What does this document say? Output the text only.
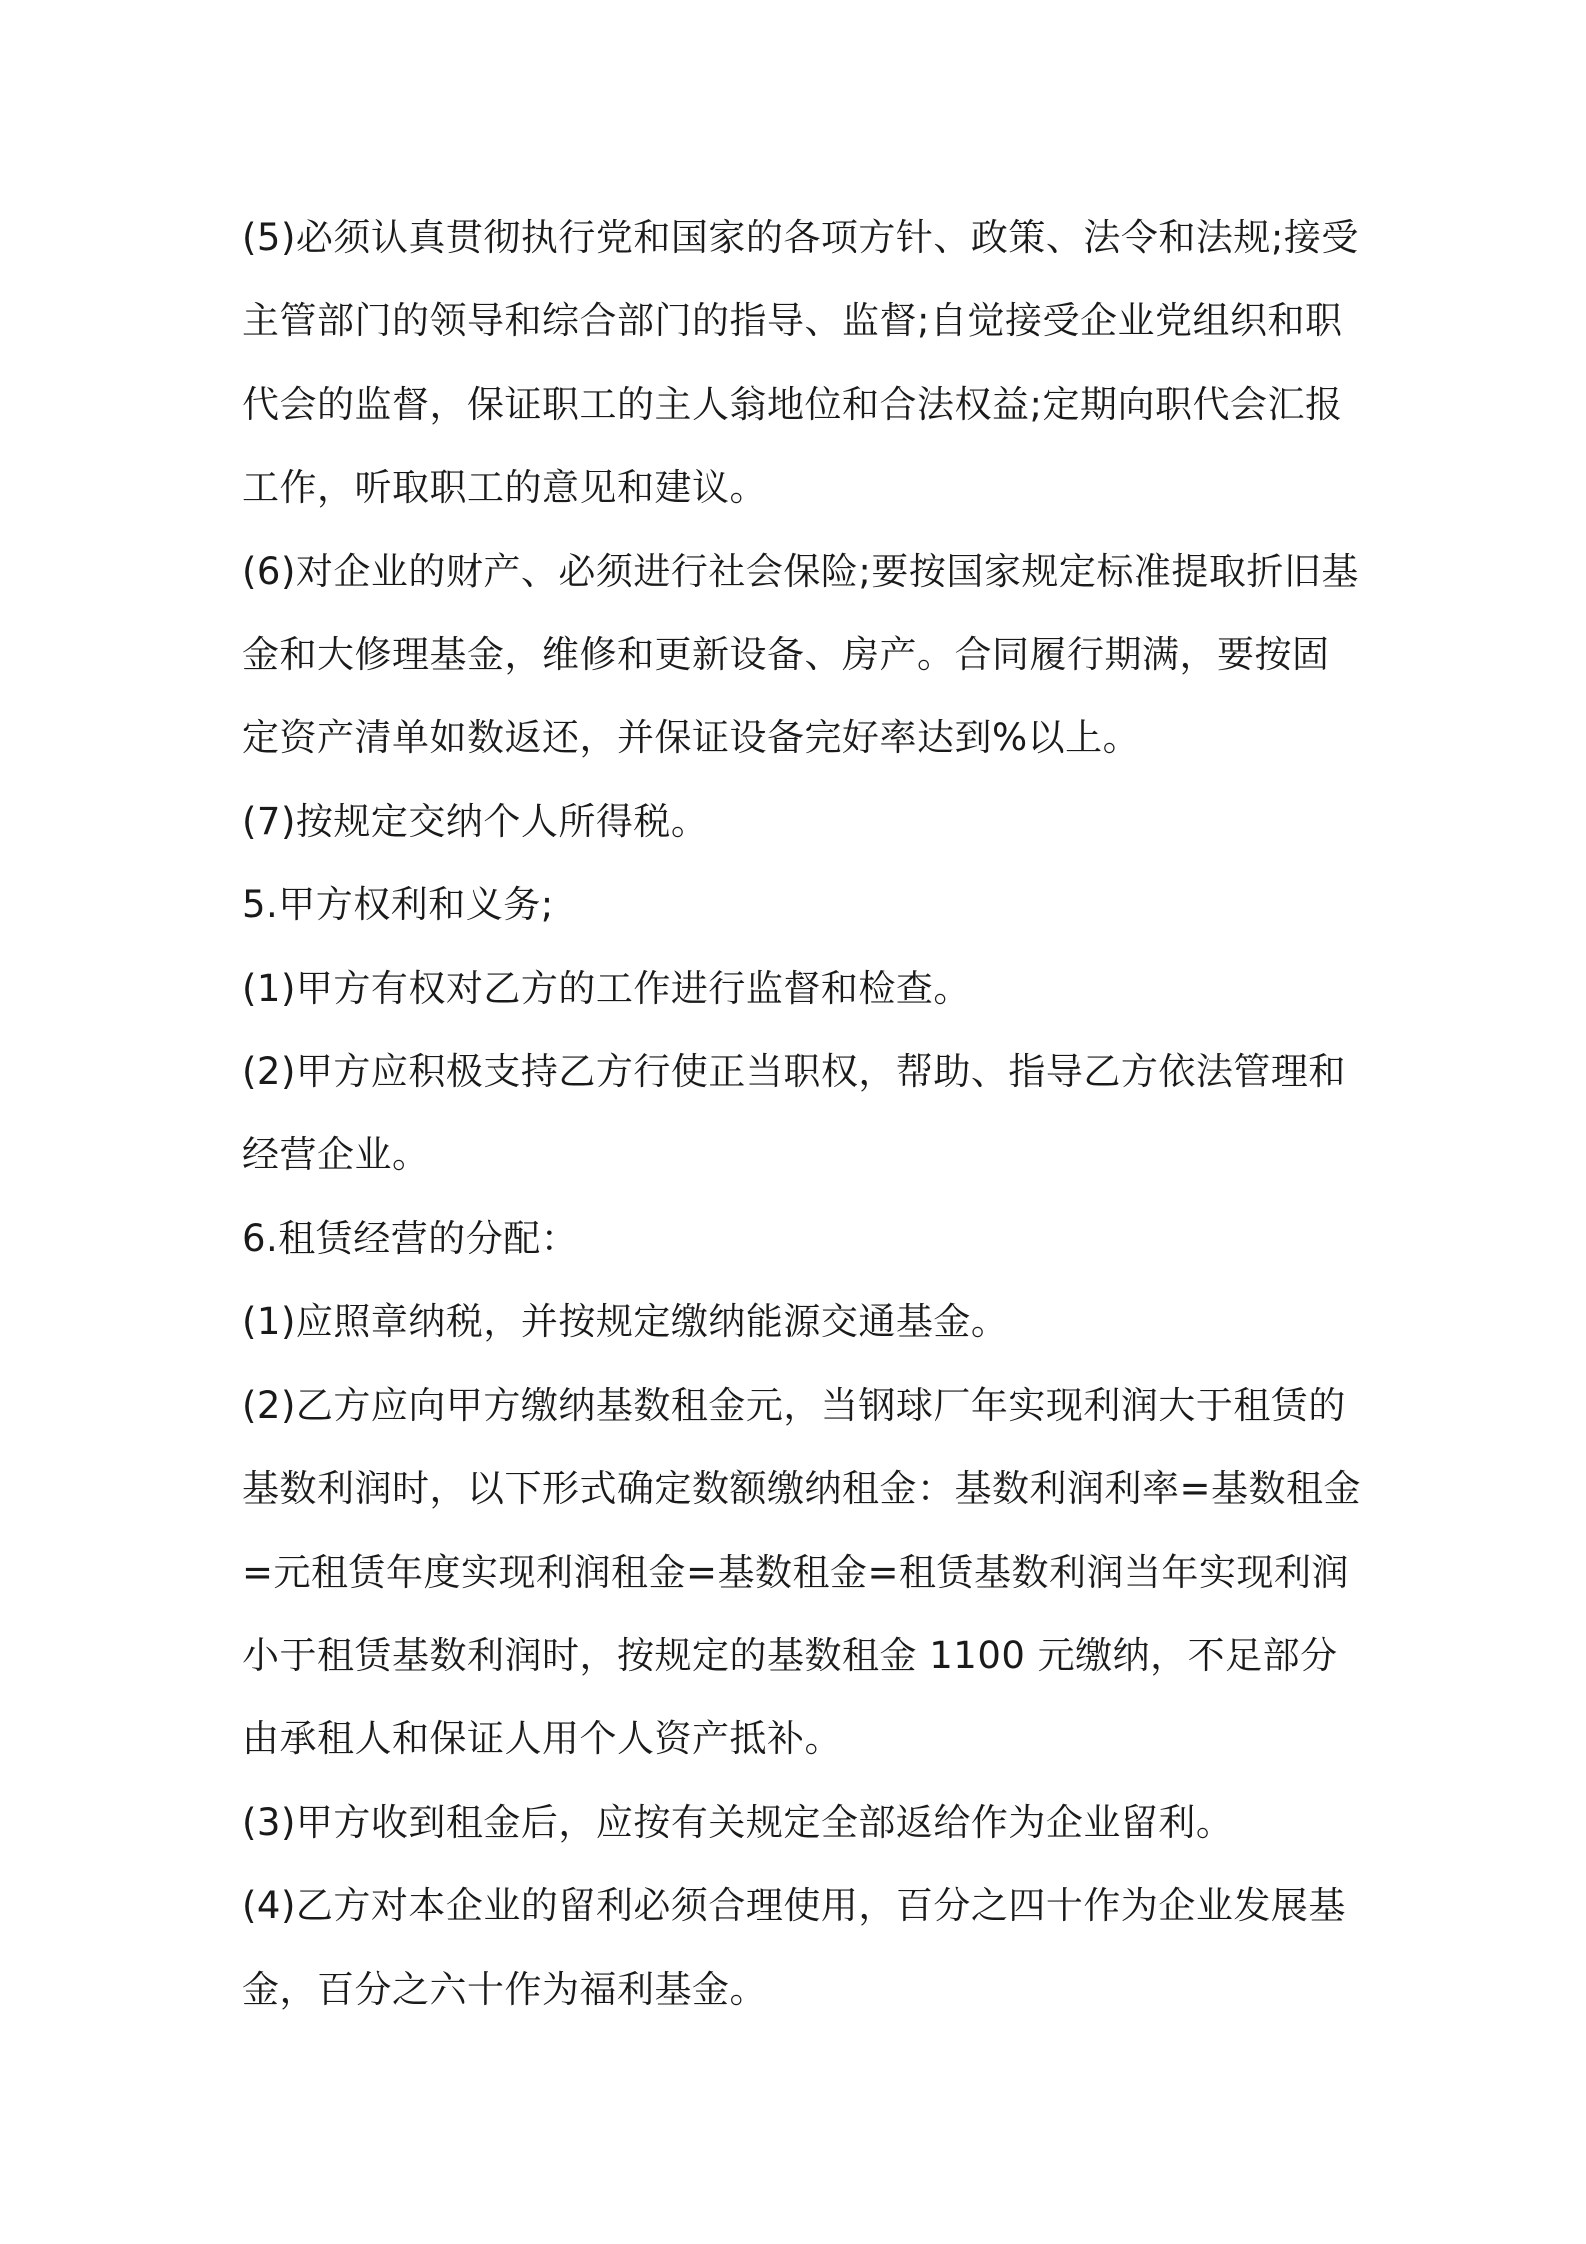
(5)必须认真贯彻执行党和国家的各项方针、政策、法令和法规;接受主管部门的领导和综合部门的指导、监督;自觉接受企业党组织和职代会的监督，保证职工的主人翁地位和合法权益;定期向职代会汇报工作，听取职工的意见和建议。

(6)对企业的财产、必须进行社会保险;要按国家规定标准提取折旧基金和大修理基金，维修和更新设备、房产。合同履行期满，要按固定资产清单如数返还，并保证设备完好率达到%以上。

(7)按规定交纳个人所得税。

5.甲方权利和义务;

(1)甲方有权对乙方的工作进行监督和检查。

(2)甲方应积极支持乙方行使正当职权，帮助、指导乙方依法管理和经营企业。

6.租赁经营的分配：

(1)应照章纳税，并按规定缴纳能源交通基金。

(2)乙方应向甲方缴纳基数租金元，当钢球厂年实现利润大于租赁的基数利润时，以下形式确定数额缴纳租金：基数利润利率=基数租金=元租赁年度实现利润租金=基数租金=租赁基数利润当年实现利润小于租赁基数利润时，按规定的基数租金 1100 元缴纳，不足部分由承租人和保证人用个人资产抵补。

(3)甲方收到租金后，应按有关规定全部返给作为企业留利。

(4)乙方对本企业的留利必须合理使用，百分之四十作为企业发展基金，百分之六十作为福利基金。
